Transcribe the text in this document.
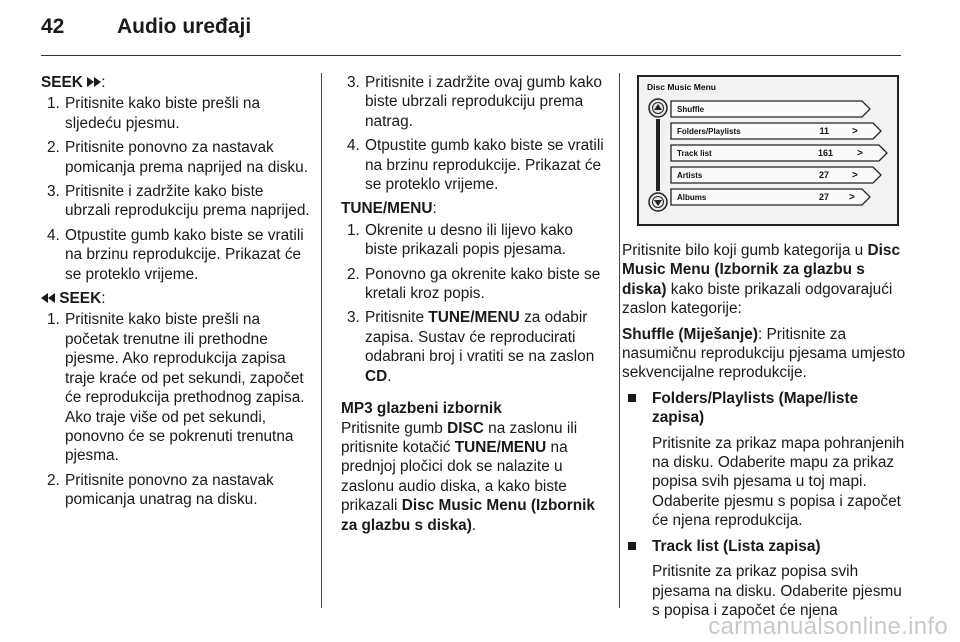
42	Audio uređaji

SEEK :

1. Pritisnite kako biste prešli na sljedeću pjesmu.
2. Pritisnite ponovno za nastavak pomicanja prema naprijed na disku.
3. Pritisnite i zadržite kako biste ubrzali reprodukciju prema naprijed.
4. Otpustite gumb kako biste se vratili na brzinu reprodukcije. Prikazat će se proteklo vrijeme.

SEEK:

1. Pritisnite kako biste prešli na početak trenutne ili prethodne pjesme. Ako reprodukcija zapisa traje kraće od pet sekundi, započet će reprodukcija prethodnog zapisa. Ako traje više od pet sekundi, ponovno će se pokrenuti trenutna pjesma.
2. Pritisnite ponovno za nastavak pomicanja unatrag na disku.
3. Pritisnite i zadržite ovaj gumb kako biste ubrzali reprodukciju prema natrag.
4. Otpustite gumb kako biste se vratili na brzinu reprodukcije. Prikazat će se proteklo vrijeme.

TUNE/MENU:

1. Okrenite u desno ili lijevo kako biste prikazali popis pjesama.
2. Ponovno ga okrenite kako biste se kretali kroz popis.
3. Pritisnite TUNE/MENU za odabir zapisa. Sustav će reproducirati odabrani broj i vratiti se na zaslon CD.

MP3 glazbeni izbornik

Pritisnite gumb DISC na zaslonu ili pritisnite kotačić TUNE/MENU na prednjoj pločici dok se nalazite u zaslonu audio diska, a kako biste prikazali Disc Music Menu (Izbornik za glazbu s diska).

Disc Music Menu
Shuffle
Folders/Playlists	11 >
Track list	161 >
Artists	27 >
Albums	27 >

Pritisnite bilo koji gumb kategorija u Disc Music Menu (Izbornik za glazbu s diska) kako biste prikazali odgovarajući zaslon kategorije:

Shuffle (Miješanje): Pritisnite za nasumičnu reprodukciju pjesama umjesto sekvencijalne reprodukcije.

Folders/Playlists (Mape/liste zapisa)
Pritisnite za prikaz mapa pohranjenih na disku. Odaberite mapu za prikaz popisa svih pjesama u toj mapi. Odaberite pjesmu s popisa i započet će njena reprodukcija.
Track list (Lista zapisa)
Pritisnite za prikaz popisa svih pjesama na disku. Odaberite pjesmu s popisa i započet će njena
carmanualsonline.info
